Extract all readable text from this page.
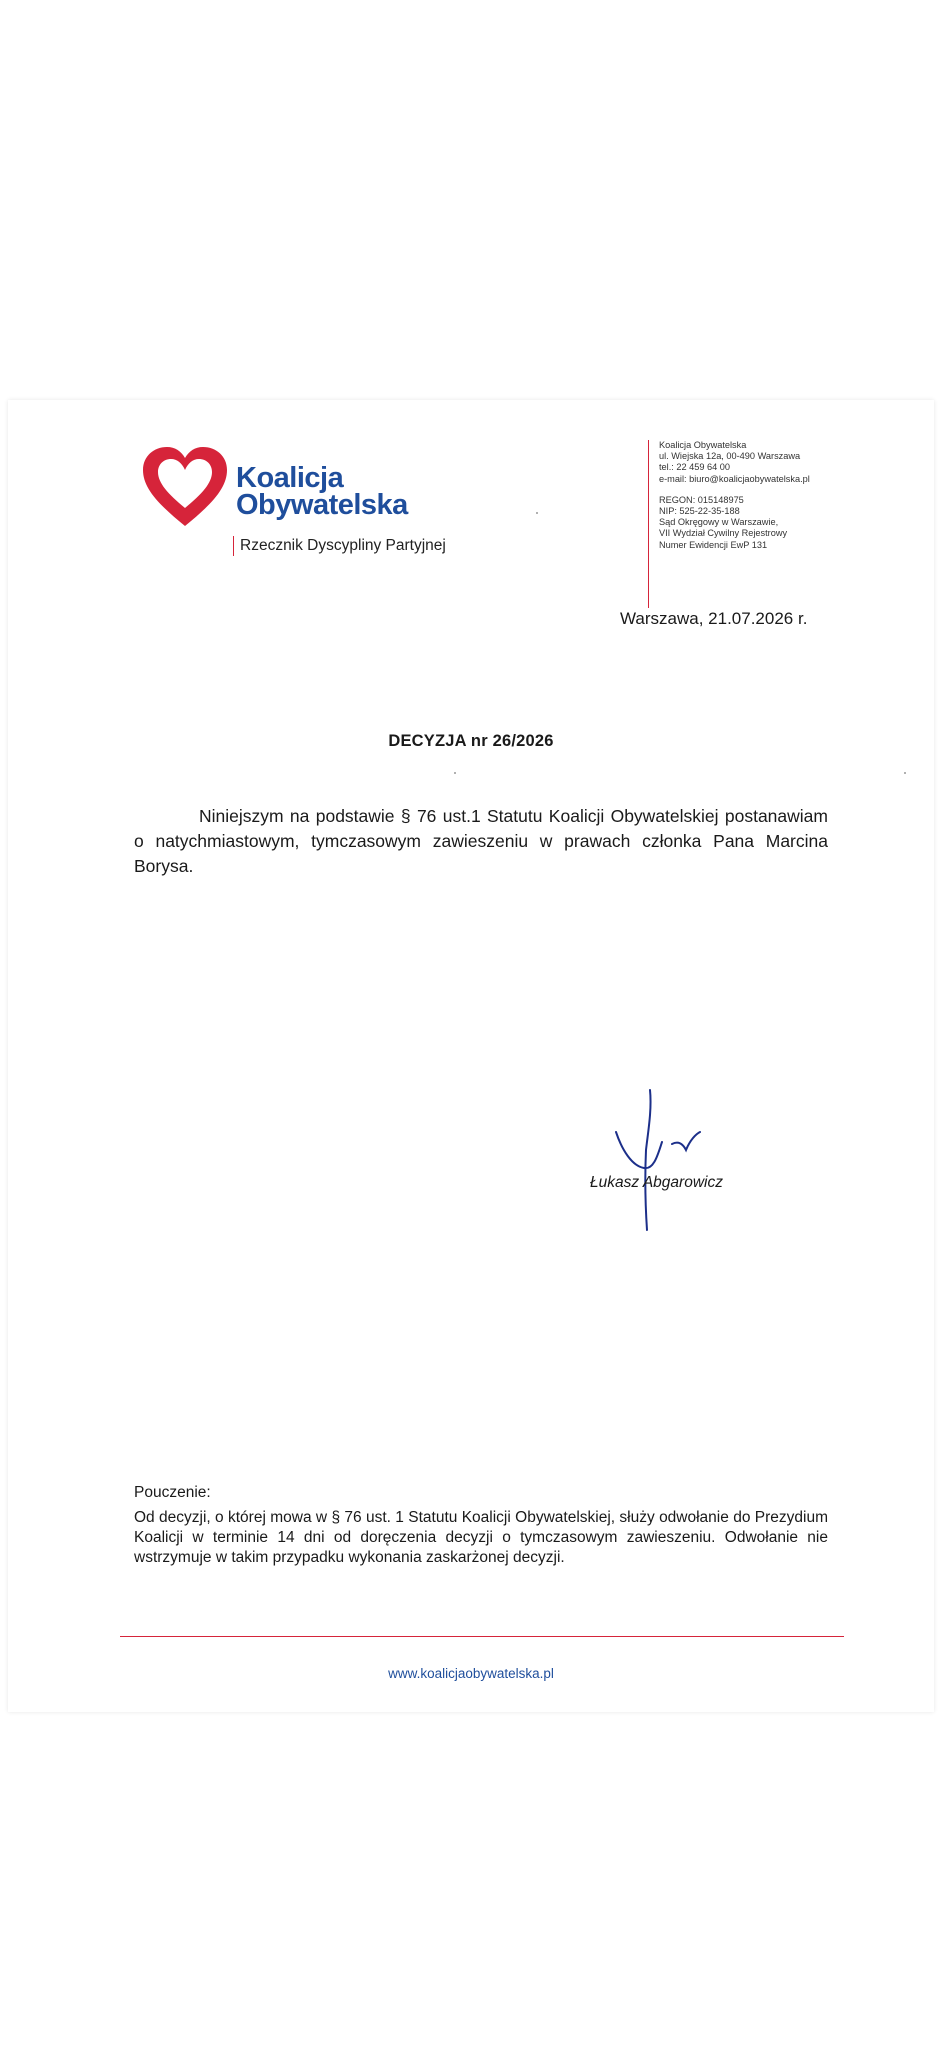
Koalicja
Obywatelska
Rzecznik Dyscypliny Partyjnej
Koalicja Obywatelska
ul. Wiejska 12a, 00-490 Warszawa
tel.: 22 459 64 00
e-mail: biuro@koalicjaobywatelska.pl
REGON: 015148975
NIP: 525-22-35-188
Sąd Okręgowy w Warszawie,
VII Wydział Cywilny Rejestrowy
Numer Ewidencji EwP 131
Warszawa, 21.07.2026 r.
DECYZJA nr 26/2026
Niniejszym na podstawie § 76 ust.1 Statutu Koalicji Obywatelskiej postanawiam o natychmiastowym, tymczasowym zawieszeniu w prawach członka Pana Marcina Borysa.
Łukasz Abgarowicz
Pouczenie:
Od decyzji, o której mowa w § 76 ust. 1 Statutu Koalicji Obywatelskiej, służy odwołanie do Prezydium Koalicji w terminie 14 dni od doręczenia decyzji o tymczasowym zawieszeniu. Odwołanie nie wstrzymuje w takim przypadku wykonania zaskarżonej decyzji.
www.koalicjaobywatelska.pl
